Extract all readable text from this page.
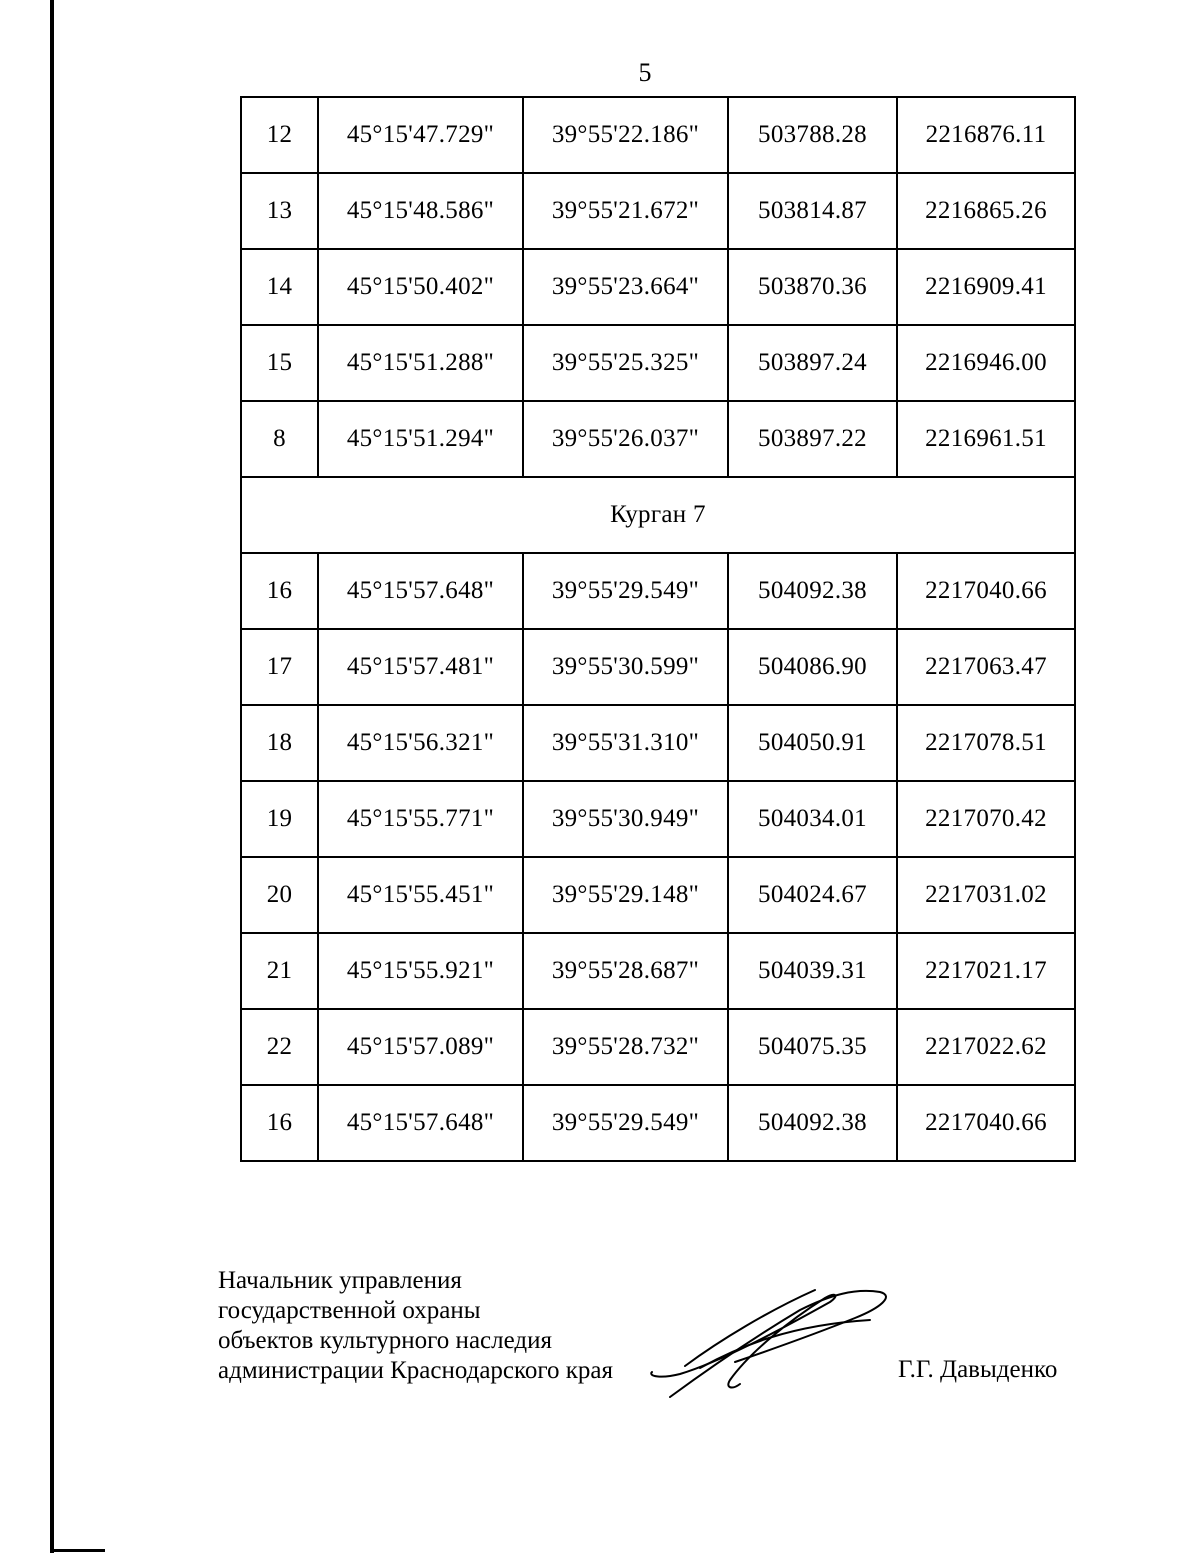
5
12	45°15'47.729"	39°55'22.186"	503788.28	2216876.11
13	45°15'48.586"	39°55'21.672"	503814.87	2216865.26
14	45°15'50.402"	39°55'23.664"	503870.36	2216909.41
15	45°15'51.288"	39°55'25.325"	503897.24	2216946.00
8	45°15'51.294"	39°55'26.037"	503897.22	2216961.51
Курган 7				
16	45°15'57.648"	39°55'29.549"	504092.38	2217040.66
17	45°15'57.481"	39°55'30.599"	504086.90	2217063.47
18	45°15'56.321"	39°55'31.310"	504050.91	2217078.51
19	45°15'55.771"	39°55'30.949"	504034.01	2217070.42
20	45°15'55.451"	39°55'29.148"	504024.67	2217031.02
21	45°15'55.921"	39°55'28.687"	504039.31	2217021.17
22	45°15'57.089"	39°55'28.732"	504075.35	2217022.62
16	45°15'57.648"	39°55'29.549"	504092.38	2217040.66
Начальник управления
государственной охраны
объектов культурного наследия
администрации Краснодарского края	Г.Г. Давыденко
